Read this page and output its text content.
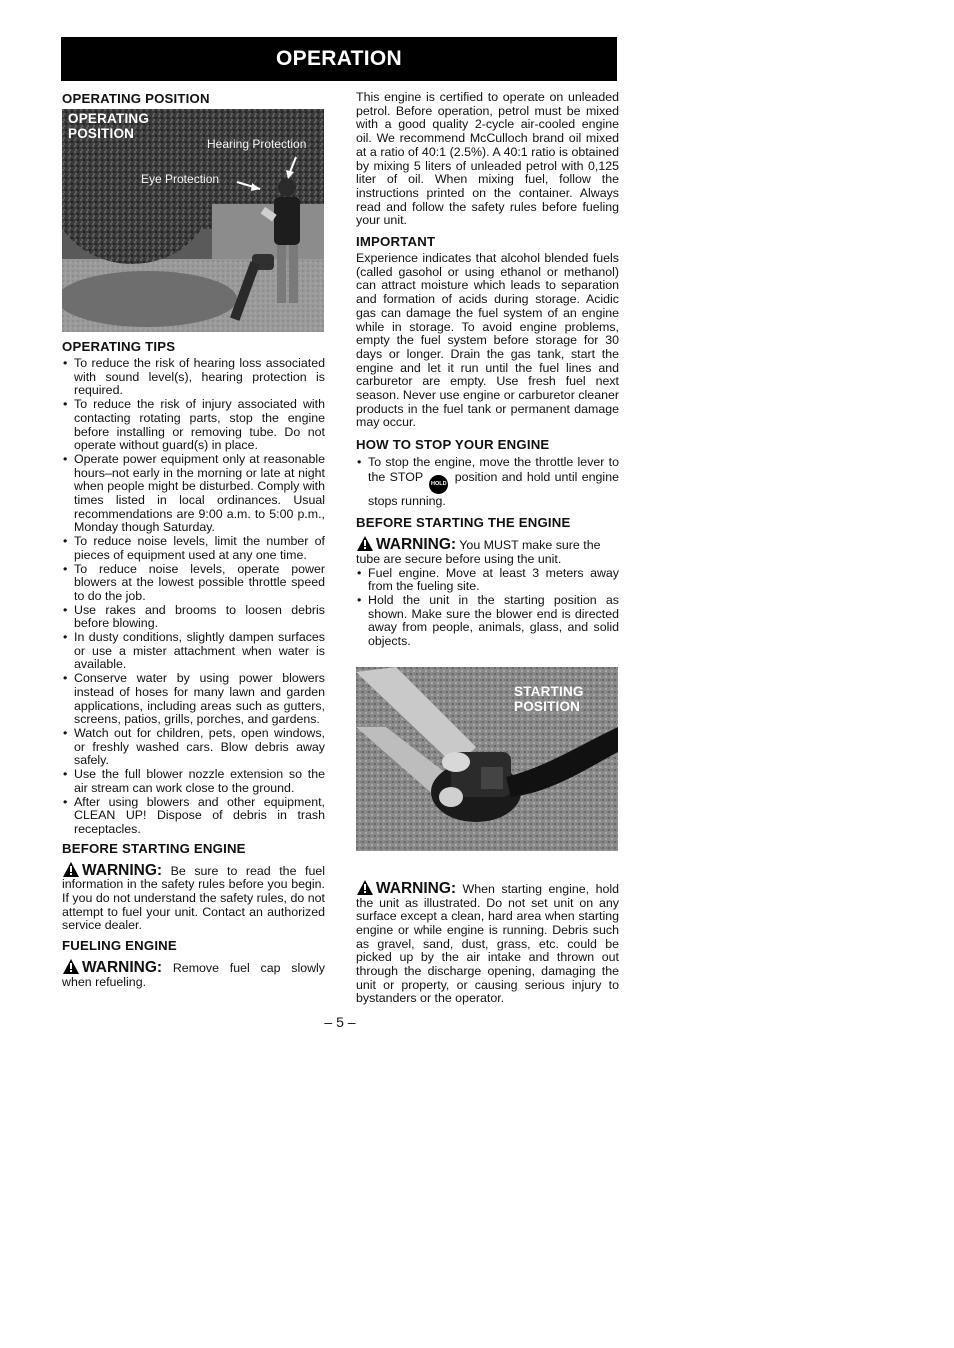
OPERATION
OPERATING POSITION
OPERATING
POSITION
Hearing Protection
Eye Protection
OPERATING TIPS
• To reduce the risk of hearing loss associated with sound level(s), hearing protection is required.
• To reduce the risk of injury associated with contacting rotating parts, stop the engine before installing or removing tube. Do not operate without guard(s) in place.
• Operate power equipment only at reasonable hours–not early in the morning or late at night when people might be disturbed. Comply with times listed in local ordinances. Usual recommendations are 9:00 a.m. to 5:00 p.m., Monday though Saturday.
• To reduce noise levels, limit the number of pieces of equipment used at any one time.
• To reduce noise levels, operate power blowers at the lowest possible throttle speed to do the job.
• Use rakes and brooms to loosen debris before blowing.
• In dusty conditions, slightly dampen surfaces or use a mister attachment when water is available.
• Conserve water by using power blowers instead of hoses for many lawn and garden applications, including areas such as gutters, screens, patios, grills, porches, and gardens.
• Watch out for children, pets, open windows, or freshly washed cars. Blow debris away safely.
• Use the full blower nozzle extension so the air stream can work close to the ground.
• After using blowers and other equipment, CLEAN UP! Dispose of debris in trash receptacles.
BEFORE STARTING ENGINE

WARNING: Be sure to read the fuel information in the safety rules before you begin. If you do not understand the safety rules, do not attempt to fuel your unit. Contact an authorized service dealer.

FUELING ENGINE

WARNING: Remove fuel cap slowly when refueling.

This engine is certified to operate on unleaded petrol. Before operation, petrol must be mixed with a good quality 2-cycle air-cooled engine oil. We recommend McCulloch brand oil mixed at a ratio of 40:1 (2.5%). A 40:1 ratio is obtained by mixing 5 liters of unleaded petrol with 0,125 liter of oil. When mixing fuel, follow the instructions printed on the container. Always read and follow the safety rules before fueling your unit.

IMPORTANT

Experience indicates that alcohol blended fuels (called gasohol or using ethanol or methanol) can attract moisture which leads to separation and formation of acids during storage. Acidic gas can damage the fuel system of an engine while in storage. To avoid engine problems, empty the fuel system before storage for 30 days or longer. Drain the gas tank, start the engine and let it run until the fuel lines and carburetor are empty. Use fresh fuel next season. Never use engine or carburetor cleaner products in the fuel tank or permanent damage may occur.

HOW TO STOP YOUR ENGINE
• To stop the engine, move the throttle lever to the STOP HOLD position and hold until engine stops running.
BEFORE STARTING THE ENGINE

WARNING: You MUST make sure the tube are secure before using the unit.

• Fuel engine. Move at least 3 meters away from the fueling site.
• Hold the unit in the starting position as shown. Make sure the blower end is directed away from people, animals, glass, and solid objects.
STARTING
POSITION

WARNING: When starting engine, hold the unit as illustrated. Do not set unit on any surface except a clean, hard area when starting engine or while engine is running. Debris such as gravel, sand, dust, grass, etc. could be picked up by the air intake and thrown out through the discharge opening, damaging the unit or property, or causing serious injury to bystanders or the operator.

– 5 –
